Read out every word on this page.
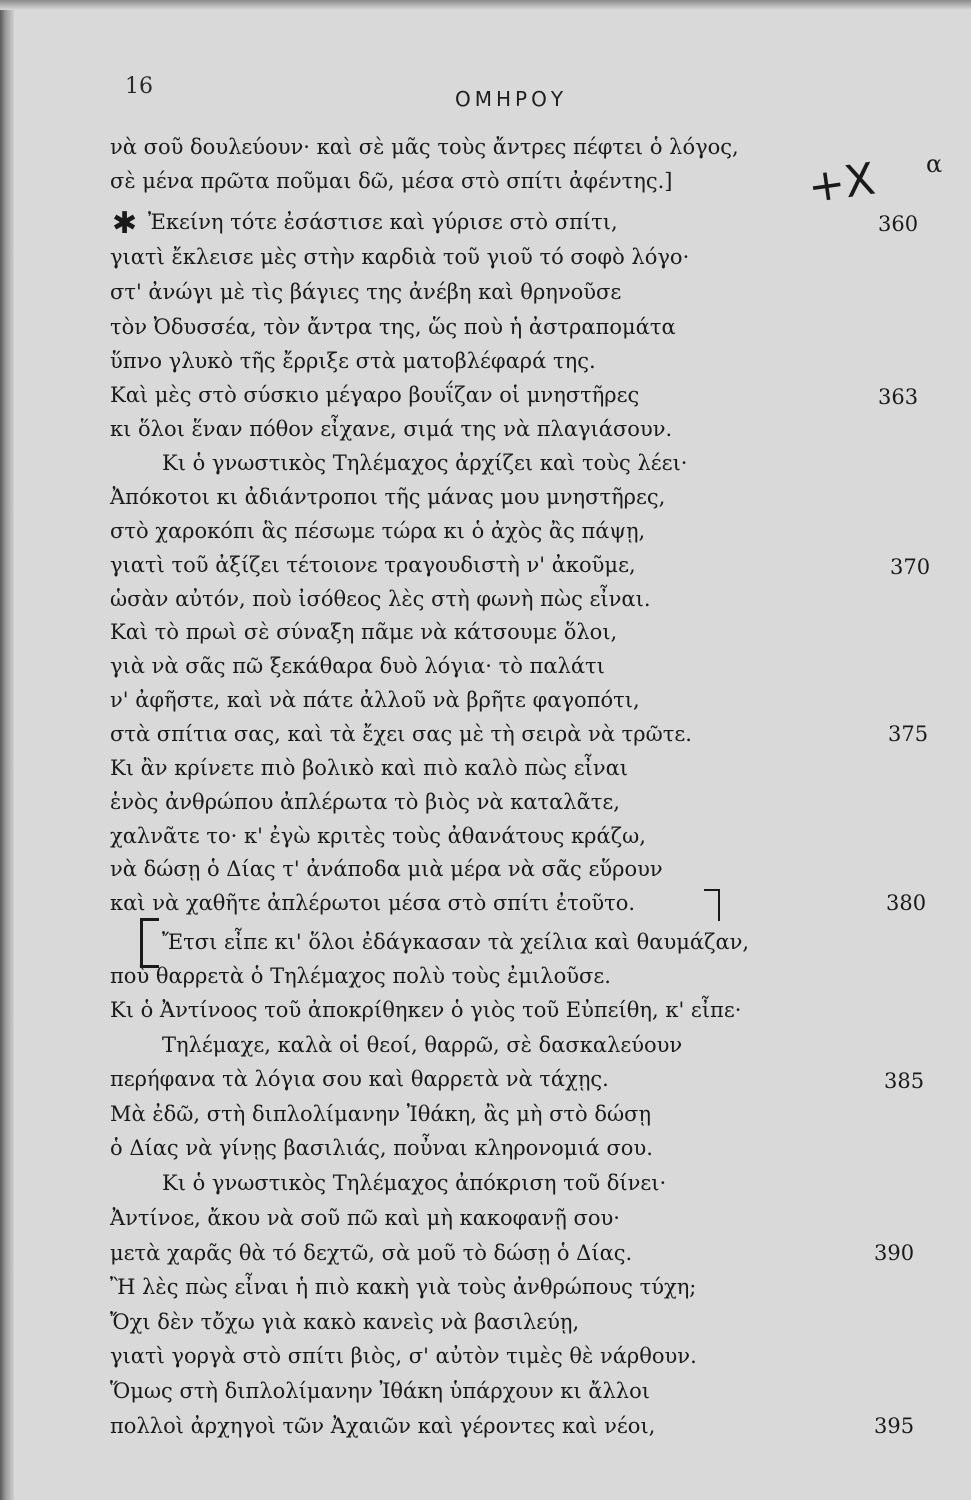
16	ΟΜΗΡΟΥ
α
νὰ σοῦ δουλεύουν· καὶ σὲ μᾶς τοὺς ἄντρες πέφτει ὁ λόγος,
σὲ μένα πρῶτα ποῦμαι δῶ, μέσα στὸ σπίτι ἀφέντης.]
Ἐκείνη τότε ἐσάστισε καὶ γύρισε στὸ σπίτι,
γιατὶ ἔκλεισε μὲς στὴν καρδιὰ τοῦ γιοῦ τό σοφὸ λόγο·
στ' ἀνώγι μὲ τὶς βάγιες της ἀνέβη καὶ θρηνοῦσε
τὸν Ὀδυσσέα, τὸν ἄντρα της, ὥς ποὺ ἡ ἀστραπομάτα
ὕπνο γλυκὸ τῆς ἔρριξε στὰ ματοβλέφαρά της.
Καὶ μὲς στὸ σύσκιο μέγαρο βουΐζαν οἱ μνηστῆρες
κι ὅλοι ἕναν πόθον εἶχανε, σιμά της νὰ πλαγιάσουν.
Κι ὁ γνωστικὸς Τηλέμαχος ἀρχίζει καὶ τοὺς λέει·
Ἀπόκοτοι κι ἀδιάντροποι τῆς μάνας μου μνηστῆρες,
στὸ χαροκόπι ἃς πέσωμε τώρα κι ὁ ἀχὸς ἂς πάψῃ,
γιατὶ τοῦ ἀξίζει τέτοιονε τραγουδιστὴ ν' ἀκοῦμε,
ὡσὰν αὐτόν, ποὺ ἰσόθεος λὲς στὴ φωνὴ πὼς εἶναι.
Καὶ τὸ πρωὶ σὲ σύναξη πᾶμε νὰ κάτσουμε ὅλοι,
γιὰ νὰ σᾶς πῶ ξεκάθαρα δυὸ λόγια· τὸ παλάτι
ν' ἀφῆστε, καὶ νὰ πάτε ἀλλοῦ νὰ βρῆτε φαγοπότι,
στὰ σπίτια σας, καὶ τὰ ἔχει σας μὲ τὴ σειρὰ νὰ τρῶτε.
Κι ἂν κρίνετε πιὸ βολικὸ καὶ πιὸ καλὸ πὼς εἶναι
ἑνὸς ἀνθρώπου ἀπλέρωτα τὸ βιὸς νὰ καταλᾶτε,
χαλνᾶτε το· κ' ἐγὼ κριτὲς τοὺς ἀθανάτους κράζω,
νὰ δώσῃ ὁ Δίας τ' ἀνάποδα μιὰ μέρα νὰ σᾶς εὕρουν
καὶ νὰ χαθῆτε ἀπλέρωτοι μέσα στὸ σπίτι ἐτοῦτο.
Ἔτσι εἶπε κι' ὅλοι ἐδάγκασαν τὰ χείλια καὶ θαυμάζαν,
ποὺ θαρρετὰ ὁ Τηλέμαχος πολὺ τοὺς ἐμιλοῦσε.
Κι ὁ Ἀντίνοος τοῦ ἀποκρίθηκεν ὁ γιὸς τοῦ Εὐπείθη, κ' εἶπε·
Τηλέμαχε, καλὰ οἱ θεοί, θαρρῶ, σὲ δασκαλεύουν
περήφανα τὰ λόγια σου καὶ θαρρετὰ νὰ τάχῃς.
Μὰ ἐδῶ, στὴ διπλολίμανην Ἰθάκη, ἂς μὴ στὸ δώσῃ
ὁ Δίας νὰ γίνῃς βασιλιάς, ποὖναι κληρονομιά σου.
Κι ὁ γνωστικὸς Τηλέμαχος ἀπόκριση τοῦ δίνει·
Ἀντίνοε, ἄκου νὰ σοῦ πῶ καὶ μὴ κακοφανῇ σου·
μετὰ χαρᾶς θὰ τό δεχτῶ, σὰ μοῦ τὸ δώσῃ ὁ Δίας.
Ἢ λὲς πὼς εἶναι ἡ πιὸ κακὴ γιὰ τοὺς ἀνθρώπους τύχη;
Ὄχι δὲν τὄχω γιὰ κακὸ κανεὶς νὰ βασιλεύῃ,
γιατὶ γοργὰ στὸ σπίτι βιὸς, σ' αὐτὸν τιμὲς θὲ νάρθουν.
Ὅμως στὴ διπλολίμανην Ἰθάκη ὑπάρχουν κι ἄλλοι
πολλοὶ ἀρχηγοὶ τῶν Ἀχαιῶν καὶ γέροντες καὶ νέοι,
360
363
370
375
380
385
390
395
+X
✱
